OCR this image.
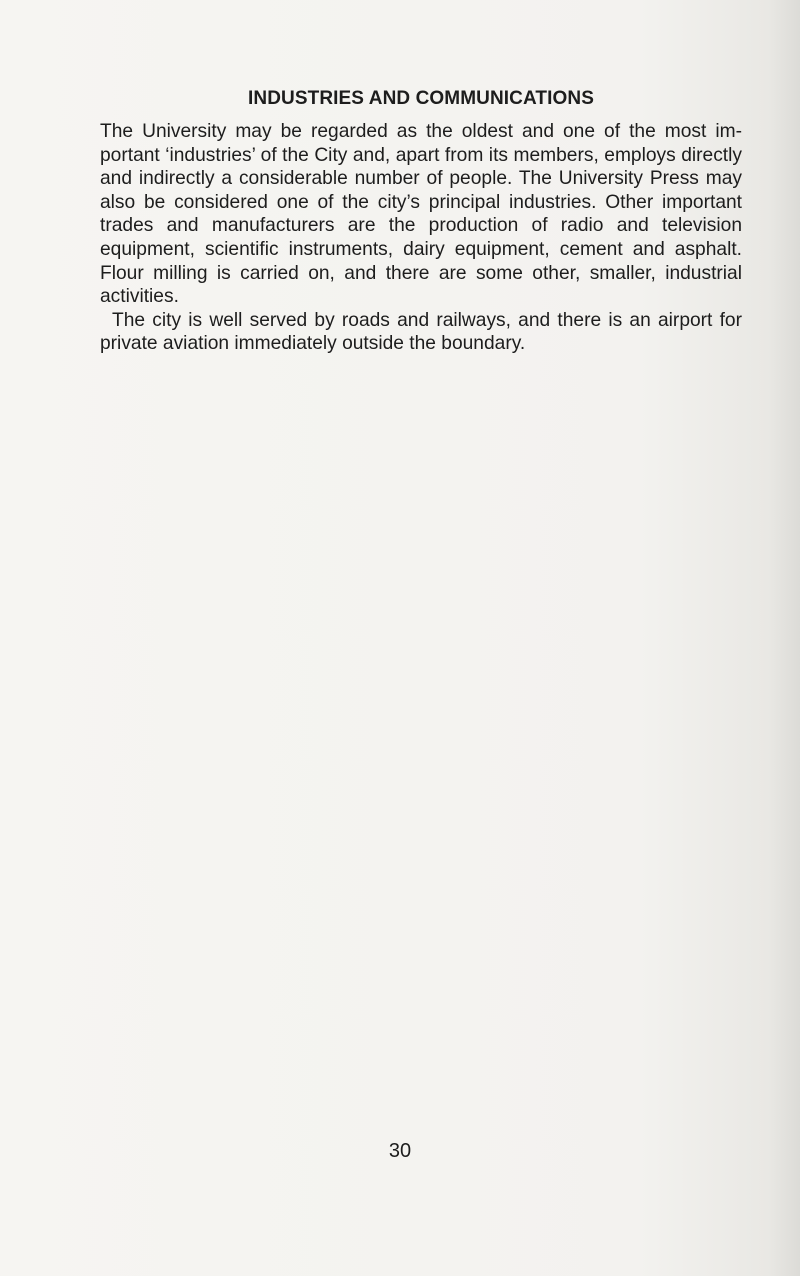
INDUSTRIES AND COMMUNICATIONS

The University may be regarded as the oldest and one of the most important ‘industries’ of the City and, apart from its members, employs directly and indirectly a considerable number of people. The University Press may also be considered one of the city’s principal industries. Other important trades and manufacturers are the production of radio and television equipment, scientific instruments, dairy equipment, cement and asphalt. Flour milling is carried on, and there are some other, smaller, industrial activities.

The city is well served by roads and railways, and there is an airport for private aviation immediately outside the boundary.

30
